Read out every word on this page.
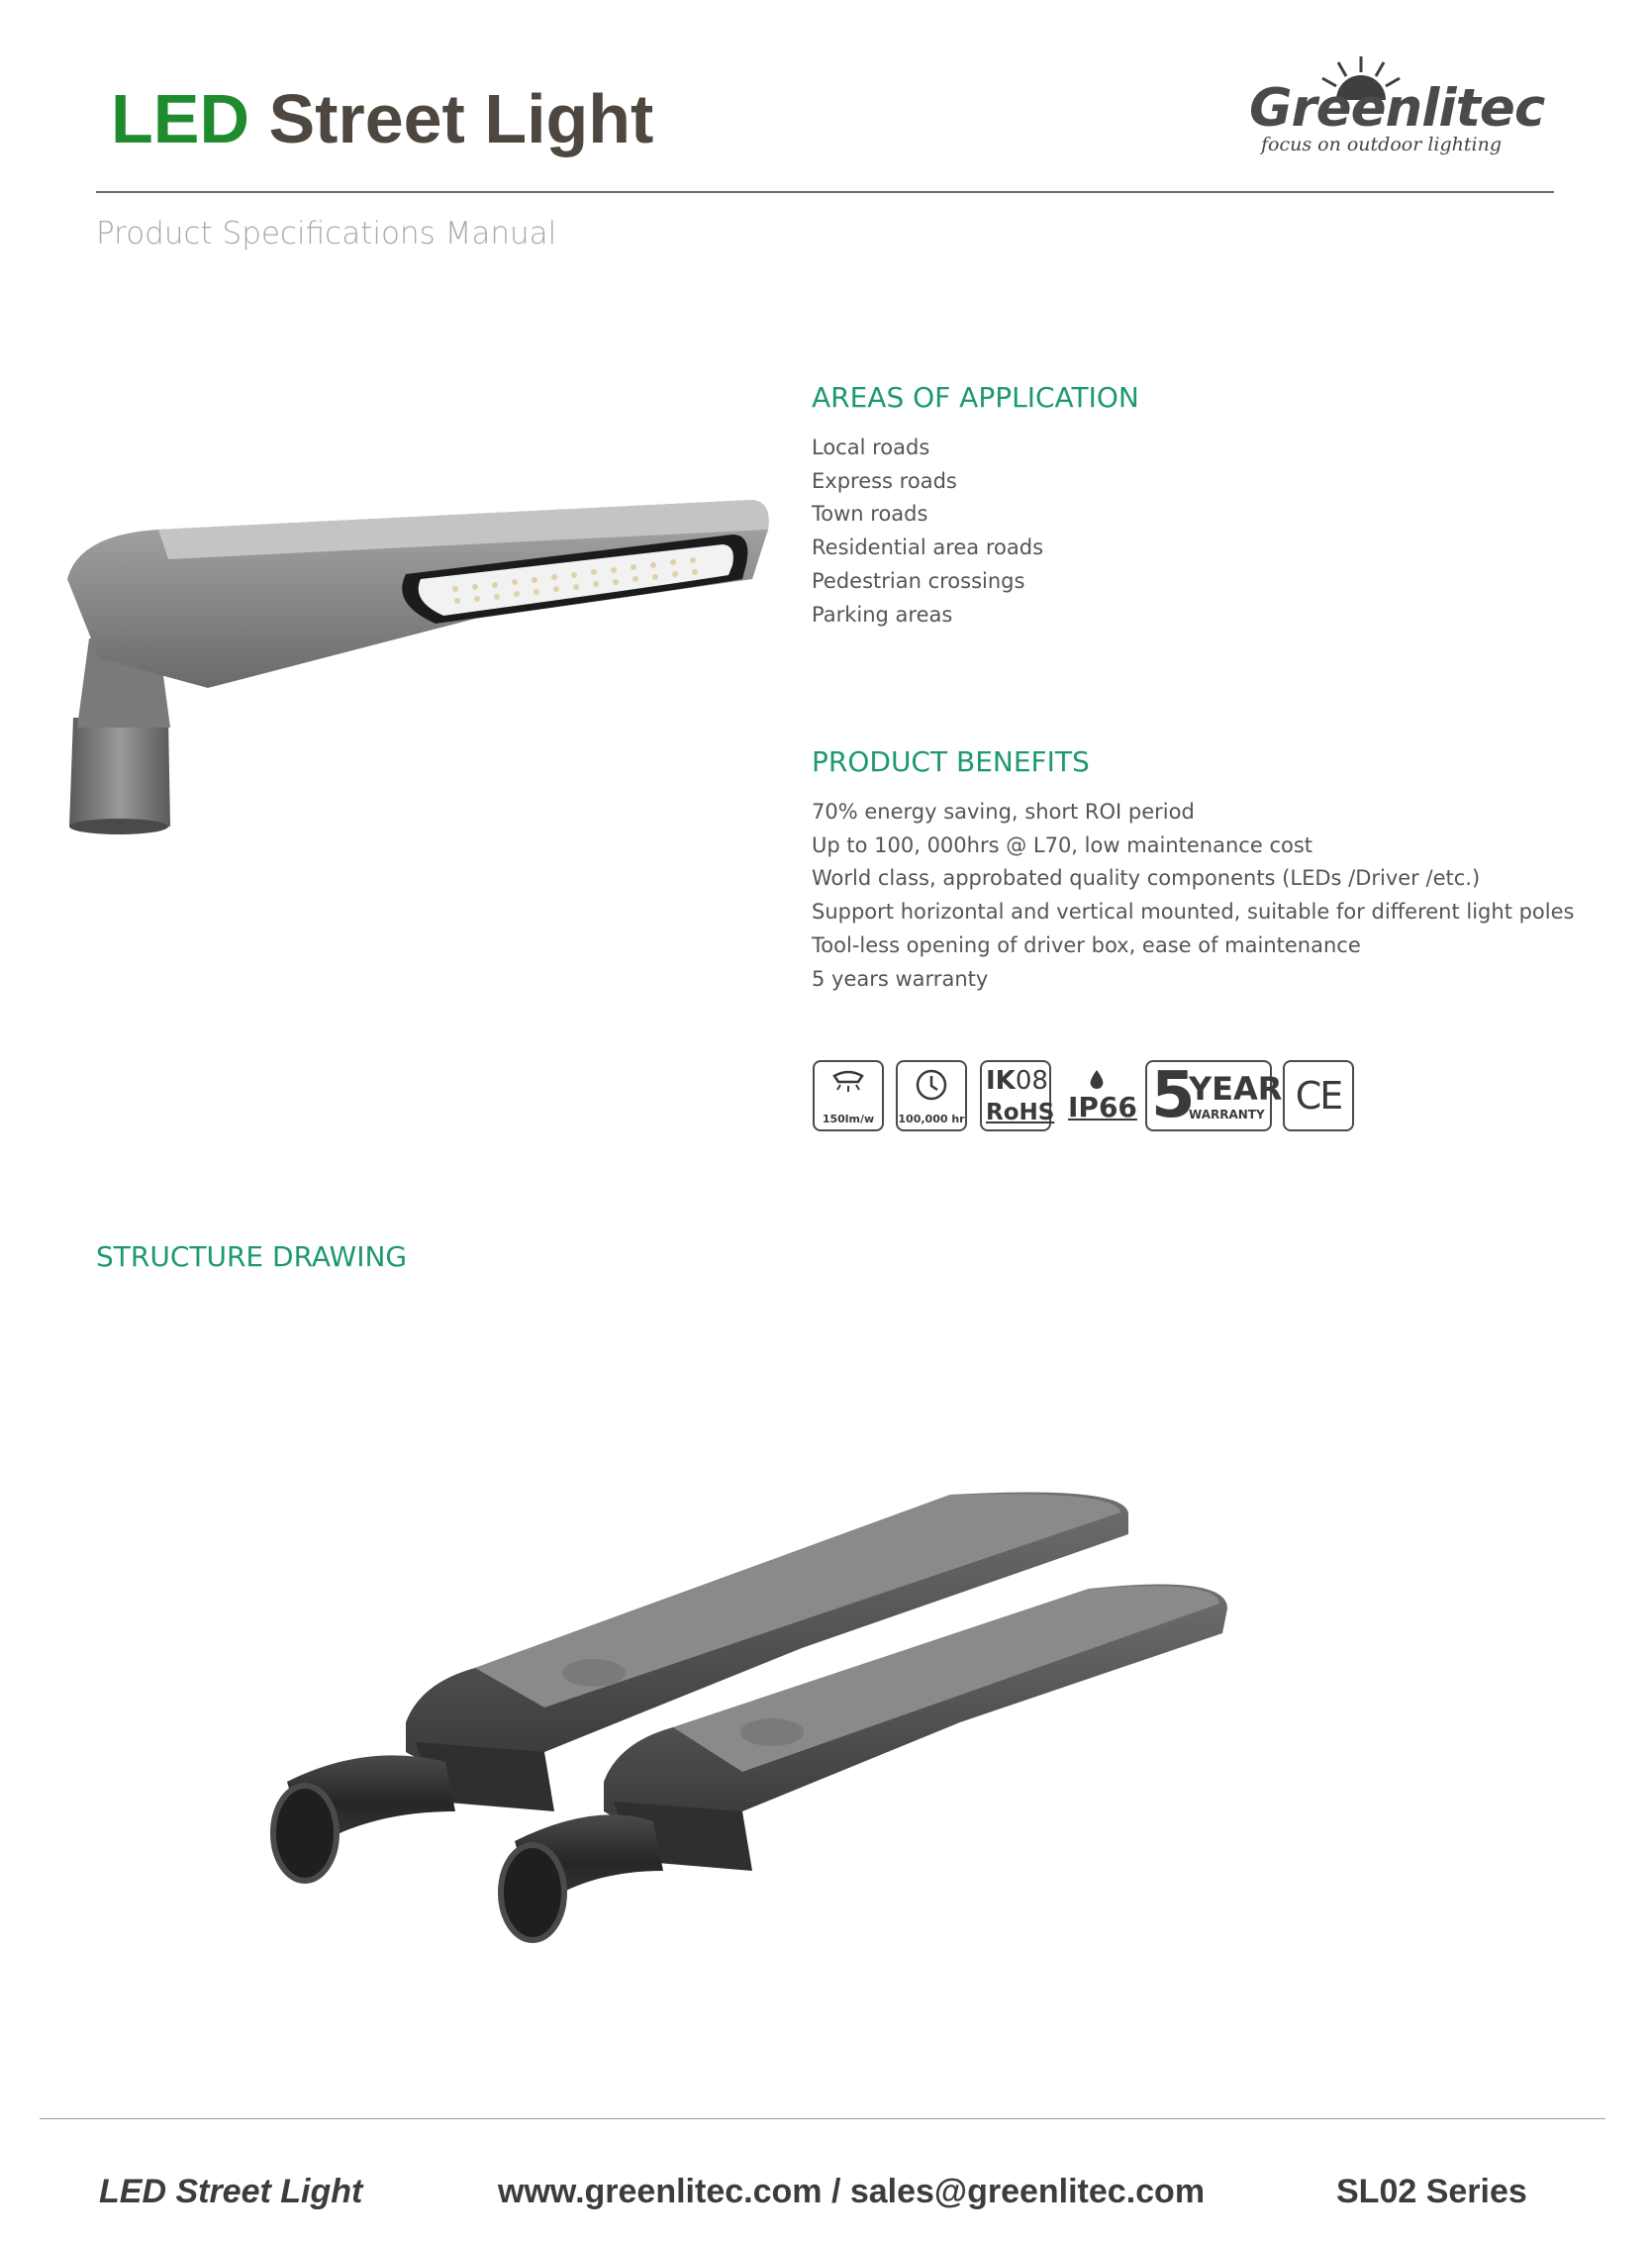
LED Street Light	Greenlitec
focus on outdoor lighting
Product Specifications Manual
AREAS OF APPLICATION
Local roads
Express roads
Town roads
Residential area roads
Pedestrian crossings
Parking areas
PRODUCT BENEFITS
70% energy saving, short ROI period
Up to 100, 000hrs @ L70, low maintenance cost
World class, approbated quality components (LEDs /Driver /etc.)
Support horizontal and vertical mounted, suitable for different light poles
Tool-less opening of driver box, ease of maintenance
5 years warranty
150lm/w	100,000 hr
IK08
RoHS IP66 5
YEAR
WARRANTY CE
STRUCTURE DRAWING
LED Street Light	www.greenlitec.com / sales@greenlitec.com	SL02 Series
